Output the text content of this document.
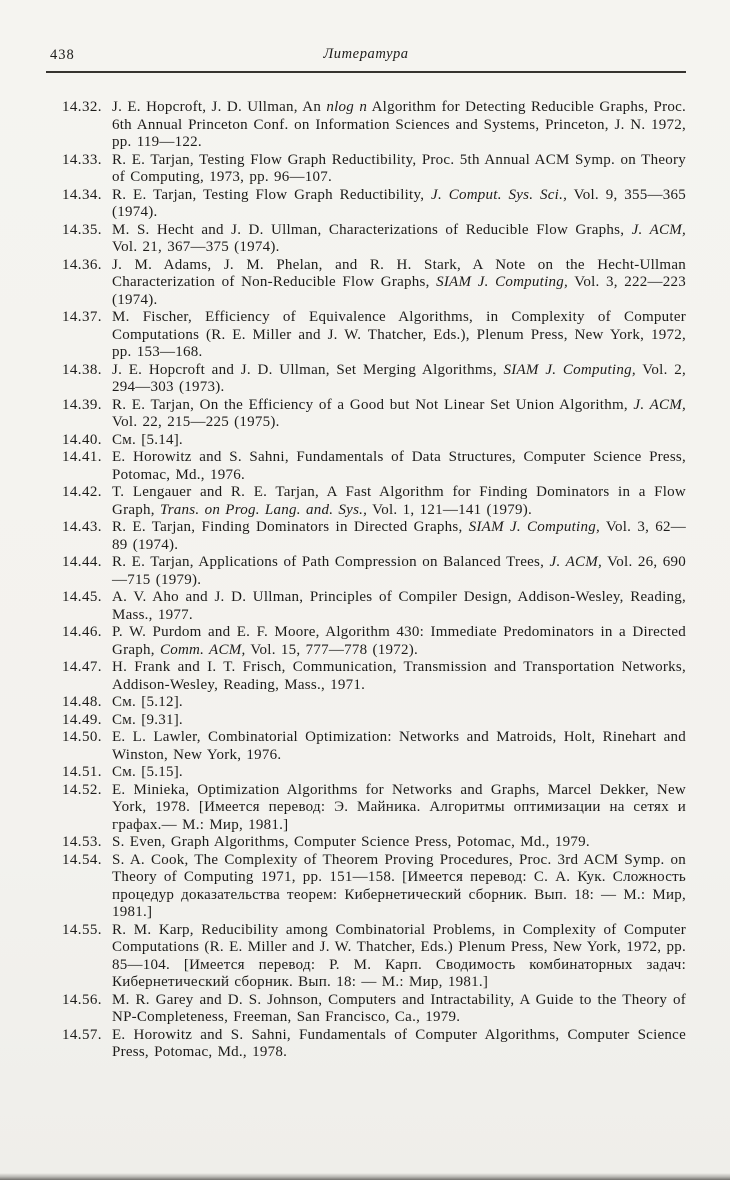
438	Литература
14.32. J. E. Hopcroft, J. D. Ullman, An nlog n Algorithm for Detecting Reducible Graphs, Proc. 6th Annual Princeton Conf. on Information Sciences and Systems, Princeton, J. N. 1972, pp. 119—122.
14.33. R. E. Tarjan, Testing Flow Graph Reductibility, Proc. 5th Annual ACM Symp. on Theory of Computing, 1973, pp. 96—107.
14.34. R. E. Tarjan, Testing Flow Graph Reductibility, J. Comput. Sys. Sci., Vol. 9, 355—365 (1974).
14.35. M. S. Hecht and J. D. Ullman, Characterizations of Reducible Flow Graphs, J. ACM, Vol. 21, 367—375 (1974).
14.36. J. M. Adams, J. M. Phelan, and R. H. Stark, A Note on the Hecht-Ullman Characterization of Non-Reducible Flow Graphs, SIAM J. Computing, Vol. 3, 222—223 (1974).
14.37. M. Fischer, Efficiency of Equivalence Algorithms, in Complexity of Computer Computations (R. E. Miller and J. W. Thatcher, Eds.), Plenum Press, New York, 1972, pp. 153—168.
14.38. J. E. Hopcroft and J. D. Ullman, Set Merging Algorithms, SIAM J. Computing, Vol. 2, 294—303 (1973).
14.39. R. E. Tarjan, On the Efficiency of a Good but Not Linear Set Union Algorithm, J. ACM, Vol. 22, 215—225 (1975).
14.40. См. [5.14].
14.41. E. Horowitz and S. Sahni, Fundamentals of Data Structures, Computer Science Press, Potomac, Md., 1976.
14.42. T. Lengauer and R. E. Tarjan, A Fast Algorithm for Finding Dominators in a Flow Graph, Trans. on Prog. Lang. and. Sys., Vol. 1, 121—141 (1979).
14.43. R. E. Tarjan, Finding Dominators in Directed Graphs, SIAM J. Computing, Vol. 3, 62—89 (1974).
14.44. R. E. Tarjan, Applications of Path Compression on Balanced Trees, J. ACM, Vol. 26, 690—715 (1979).
14.45. A. V. Aho and J. D. Ullman, Principles of Compiler Design, Addison-Wesley, Reading, Mass., 1977.
14.46. P. W. Purdom and E. F. Moore, Algorithm 430: Immediate Predominators in a Directed Graph, Comm. ACM, Vol. 15, 777—778 (1972).
14.47. H. Frank and I. T. Frisch, Communication, Transmission and Transportation Networks, Addison-Wesley, Reading, Mass., 1971.
14.48. См. [5.12].
14.49. См. [9.31].
14.50. E. L. Lawler, Combinatorial Optimization: Networks and Matroids, Holt, Rinehart and Winston, New York, 1976.
14.51. См. [5.15].
14.52. E. Minieka, Optimization Algorithms for Networks and Graphs, Marcel Dekker, New York, 1978. [Имеется перевод: Э. Майника. Алгоритмы оптимизации на сетях и графах.— М.: Мир, 1981.]
14.53. S. Even, Graph Algorithms, Computer Science Press, Potomac, Md., 1979.
14.54. S. A. Cook, The Complexity of Theorem Proving Procedures, Proc. 3rd ACM Symp. on Theory of Computing 1971, pp. 151—158. [Имеется перевод: С. А. Кук. Сложность процедур доказательства теорем: Кибернетический сборник. Вып. 18: — М.: Мир, 1981.]
14.55. R. M. Karp, Reducibility among Combinatorial Problems, in Complexity of Computer Computations (R. E. Miller and J. W. Thatcher, Eds.) Plenum Press, New York, 1972, pp. 85—104. [Имеется перевод: Р. М. Карп. Сводимость комбинаторных задач: Кибернетический сборник. Вып. 18: — М.: Мир, 1981.]
14.56. M. R. Garey and D. S. Johnson, Computers and Intractability, A Guide to the Theory of NP-Completeness, Freeman, San Francisco, Ca., 1979.
14.57. E. Horowitz and S. Sahni, Fundamentals of Computer Algorithms, Computer Science Press, Potomac, Md., 1978.
